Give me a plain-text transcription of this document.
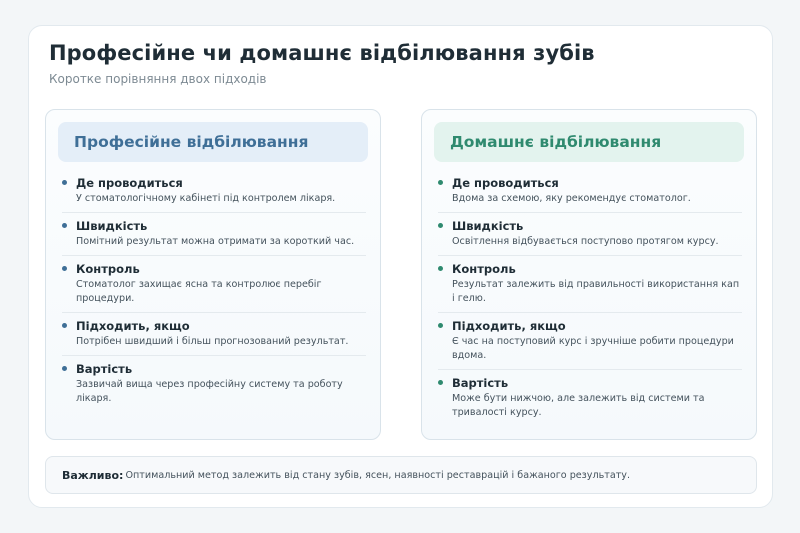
Професійне чи домашнє відбілювання зубів
Коротке порівняння двох підходів
Професійне відбілювання
Де проводиться
У стоматологічному кабінеті під контролем лікаря.
Швидкість
Помітний результат можна отримати за короткий час.
Контроль
Стоматолог захищає ясна та контролює перебіг процедури.
Підходить, якщо
Потрібен швидший і більш прогнозований результат.
Вартість
Зазвичай вища через професійну систему та роботу лікаря.
Домашнє відбілювання
Де проводиться
Вдома за схемою, яку рекомендує стоматолог.
Швидкість
Освітлення відбувається поступово протягом курсу.
Контроль
Результат залежить від правильності використання кап і гелю.
Підходить, якщо
Є час на поступовий курс і зручніше робити процедури вдома.
Вартість
Може бути нижчою, але залежить від системи та тривалості курсу.
Важливо: Оптимальний метод залежить від стану зубів, ясен, наявності реставрацій і бажаного результату.
